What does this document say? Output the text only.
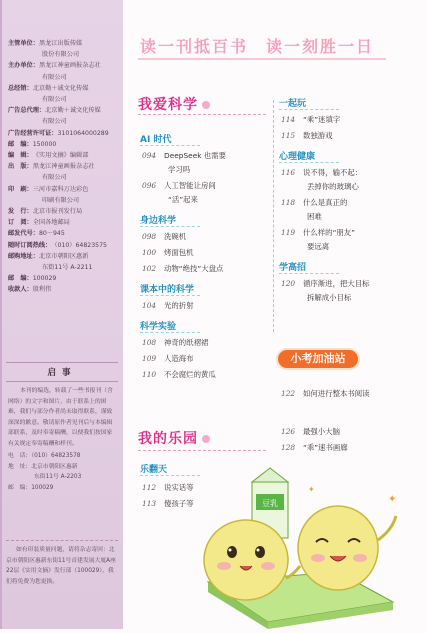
主管单位： 黑龙江出版传媒
股份有限公司
主办单位： 黑龙江神童画报杂志社
有限公司
总经销： 北京勤＋诚文化传媒
有限公司
广告总代理： 北京勤＋诚文化传媒
有限公司
广告经营许可证： 3101064000289
邮　编： 150000
编　辑： 《实用文摘》编辑部
出　版： 黑龙江神童画报杂志社
有限公司
印　刷： 三河市嘉科万达彩色
印刷有限公司
发　行： 北京市报刊发行局
订　阅： 全国各地邮局
邮发代号： 80－945
随时订阅热线： （010）64823575
邮购地址： 北京市朝阳区惠新
东街11号 A-2211
邮　编： 100029
收款人： 殷利伟
启事
本刊的编选，转载了一些书报刊（含网络）的文字和图片，由于联系上的困难，我们与部分作者尚未取得联系，谨致深深的歉意。敬请原作者见刊后与本编辑部联系，及时奉寄稿酬，以便我们按国家有关规定奉寄稿酬和样刊。
电　话：（010）64823578
地　址：北京市朝阳区惠新
东街11号 A-2203
邮　编：100029
如有印装质量问题，请将杂志寄回：北京市朝阳区惠新东街11号首建发展大厦A座22层《实用文摘》发行部（100029），我们将免费为您更换。
读一刊抵百书　读一刻胜一日
我爱科学
AI 时代
094 DeepSeek 也需要
学习吗
096 人工智能让房间
“活”起来
身边科学
098 洗碗机
100 烤面包机
102 动物“绝技”大盘点
课本中的科学
104 光的折射
科学实验
108 神奇的纸褶裙
109 人造海布
110 不会腐烂的黄瓜
我的乐园
乐翻天
112 说实话等
113 傻孩子等
一起玩
114 “乘”迷填字
115 数独游戏
心理健康
116 说不得，输不起：
丢掉你的玻璃心
118 什么是真正的
困难
119 什么样的“朋友”
要远离
学高招
120 循序渐进，把大目标
拆解成小目标
小考加油站
122 如何进行整本书阅读
126 最强小大脑
128 “乖”速书画廊
豆乳	✦
✦
